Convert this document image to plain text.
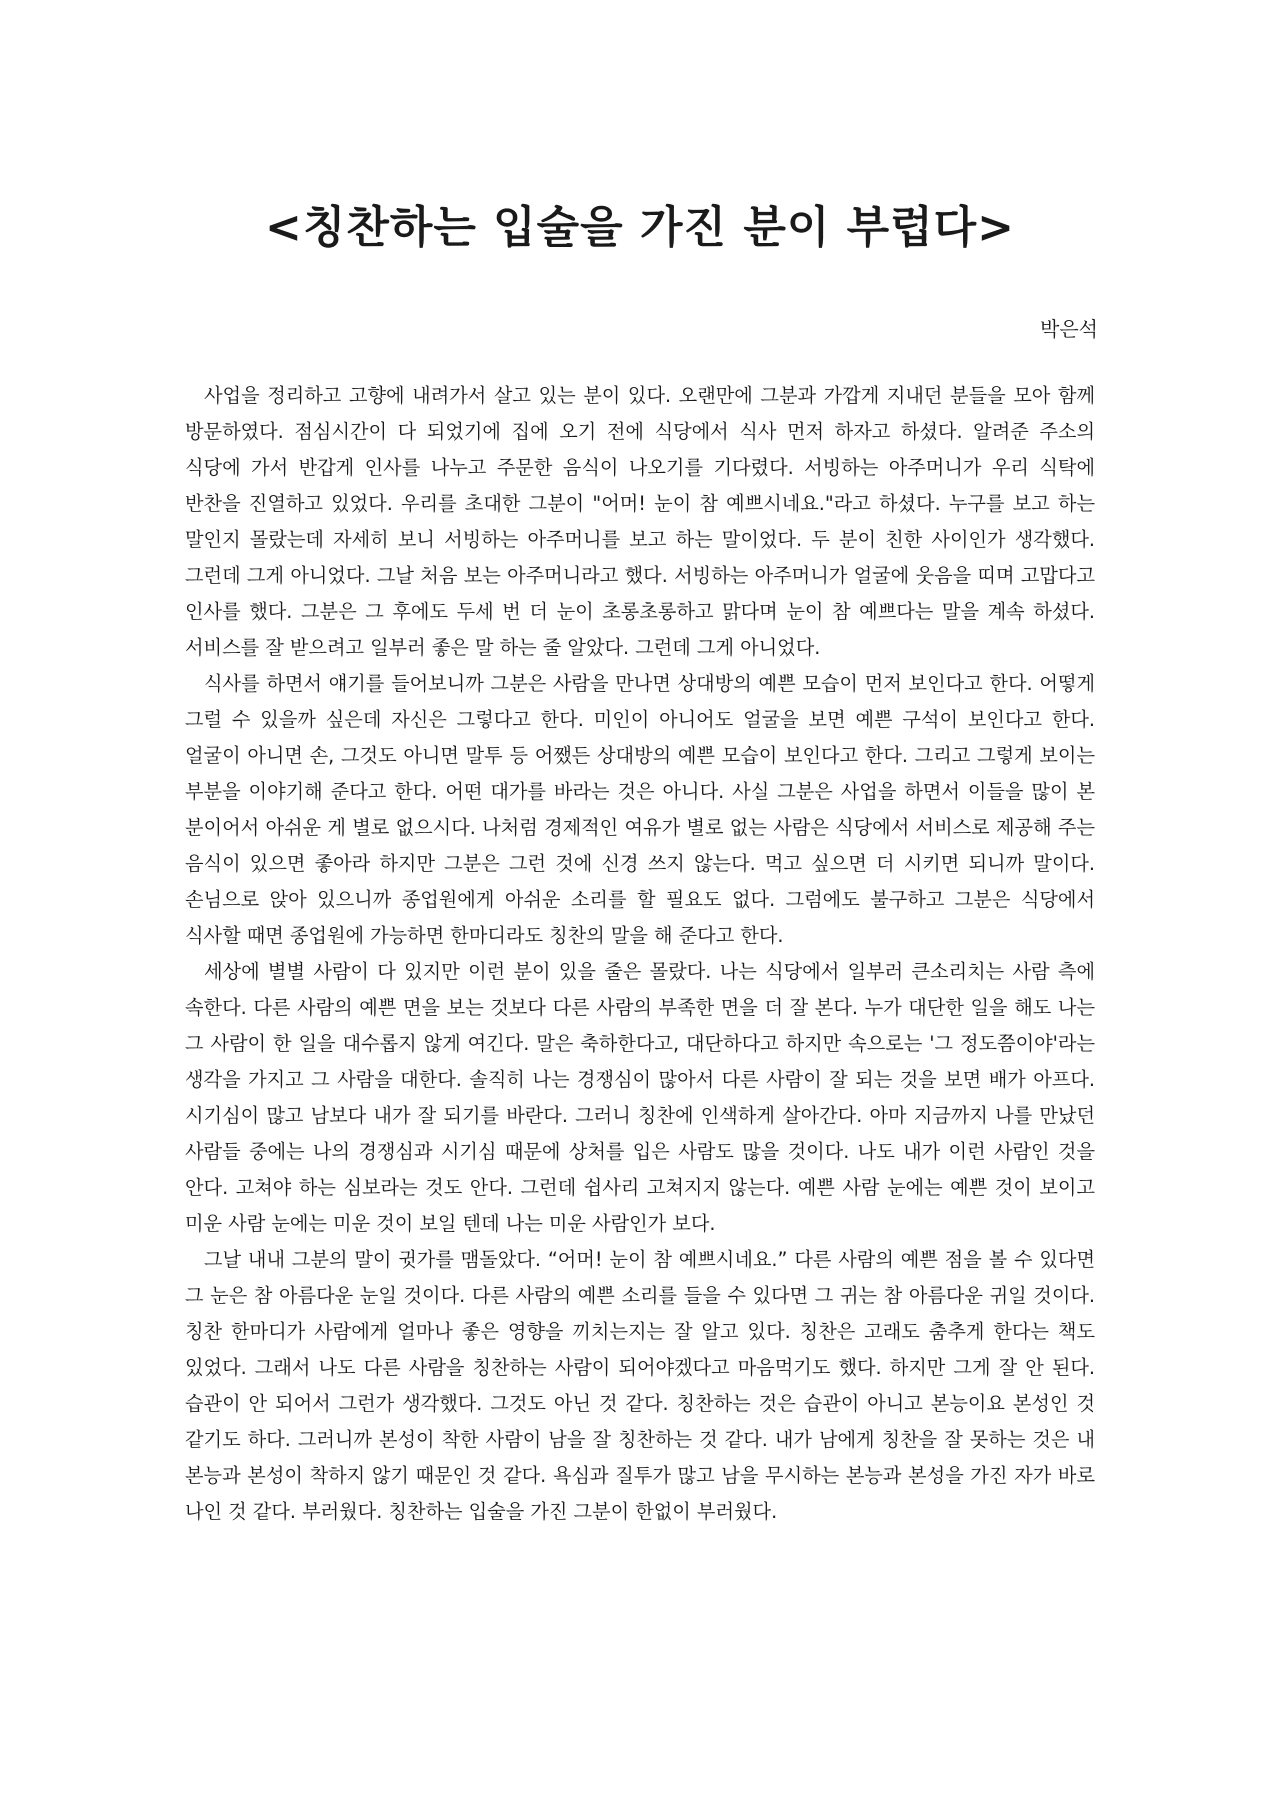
<칭찬하는 입술을 가진 분이 부럽다>

박은석

사업을 정리하고 고향에 내려가서 살고 있는 분이 있다. 오랜만에 그분과 가깝게 지내던 분들을 모아 함께 방문하였다. 점심시간이 다 되었기에 집에 오기 전에 식당에서 식사 먼저 하자고 하셨다. 알려준 주소의 식당에 가서 반갑게 인사를 나누고 주문한 음식이 나오기를 기다렸다. 서빙하는 아주머니가 우리 식탁에 반찬을 진열하고 있었다. 우리를 초대한 그분이 "어머! 눈이 참 예쁘시네요."라고 하셨다. 누구를 보고 하는 말인지 몰랐는데 자세히 보니 서빙하는 아주머니를 보고 하는 말이었다. 두 분이 친한 사이인가 생각했다. 그런데 그게 아니었다. 그날 처음 보는 아주머니라고 했다. 서빙하는 아주머니가 얼굴에 웃음을 띠며 고맙다고 인사를 했다. 그분은 그 후에도 두세 번 더 눈이 초롱초롱하고 맑다며 눈이 참 예쁘다는 말을 계속 하셨다. 서비스를 잘 받으려고 일부러 좋은 말 하는 줄 알았다. 그런데 그게 아니었다.

식사를 하면서 얘기를 들어보니까 그분은 사람을 만나면 상대방의 예쁜 모습이 먼저 보인다고 한다. 어떻게 그럴 수 있을까 싶은데 자신은 그렇다고 한다. 미인이 아니어도 얼굴을 보면 예쁜 구석이 보인다고 한다. 얼굴이 아니면 손, 그것도 아니면 말투 등 어쨌든 상대방의 예쁜 모습이 보인다고 한다. 그리고 그렇게 보이는 부분을 이야기해 준다고 한다. 어떤 대가를 바라는 것은 아니다. 사실 그분은 사업을 하면서 이들을 많이 본 분이어서 아쉬운 게 별로 없으시다. 나처럼 경제적인 여유가 별로 없는 사람은 식당에서 서비스로 제공해 주는 음식이 있으면 좋아라 하지만 그분은 그런 것에 신경 쓰지 않는다. 먹고 싶으면 더 시키면 되니까 말이다. 손님으로 앉아 있으니까 종업원에게 아쉬운 소리를 할 필요도 없다. 그럼에도 불구하고 그분은 식당에서 식사할 때면 종업원에 가능하면 한마디라도 칭찬의 말을 해 준다고 한다.

세상에 별별 사람이 다 있지만 이런 분이 있을 줄은 몰랐다. 나는 식당에서 일부러 큰소리치는 사람 측에 속한다. 다른 사람의 예쁜 면을 보는 것보다 다른 사람의 부족한 면을 더 잘 본다. 누가 대단한 일을 해도 나는 그 사람이 한 일을 대수롭지 않게 여긴다. 말은 축하한다고, 대단하다고 하지만 속으로는 '그 정도쯤이야'라는 생각을 가지고 그 사람을 대한다. 솔직히 나는 경쟁심이 많아서 다른 사람이 잘 되는 것을 보면 배가 아프다. 시기심이 많고 남보다 내가 잘 되기를 바란다. 그러니 칭찬에 인색하게 살아간다. 아마 지금까지 나를 만났던 사람들 중에는 나의 경쟁심과 시기심 때문에 상처를 입은 사람도 많을 것이다. 나도 내가 이런 사람인 것을 안다. 고쳐야 하는 심보라는 것도 안다. 그런데 쉽사리 고쳐지지 않는다. 예쁜 사람 눈에는 예쁜 것이 보이고 미운 사람 눈에는 미운 것이 보일 텐데 나는 미운 사람인가 보다.

그날 내내 그분의 말이 귓가를 맴돌았다. “어머! 눈이 참 예쁘시네요.” 다른 사람의 예쁜 점을 볼 수 있다면 그 눈은 참 아름다운 눈일 것이다. 다른 사람의 예쁜 소리를 들을 수 있다면 그 귀는 참 아름다운 귀일 것이다. 칭찬 한마디가 사람에게 얼마나 좋은 영향을 끼치는지는 잘 알고 있다. 칭찬은 고래도 춤추게 한다는 책도 있었다. 그래서 나도 다른 사람을 칭찬하는 사람이 되어야겠다고 마음먹기도 했다. 하지만 그게 잘 안 된다. 습관이 안 되어서 그런가 생각했다. 그것도 아닌 것 같다. 칭찬하는 것은 습관이 아니고 본능이요 본성인 것 같기도 하다. 그러니까 본성이 착한 사람이 남을 잘 칭찬하는 것 같다. 내가 남에게 칭찬을 잘 못하는 것은 내 본능과 본성이 착하지 않기 때문인 것 같다. 욕심과 질투가 많고 남을 무시하는 본능과 본성을 가진 자가 바로 나인 것 같다. 부러웠다. 칭찬하는 입술을 가진 그분이 한없이 부러웠다.
